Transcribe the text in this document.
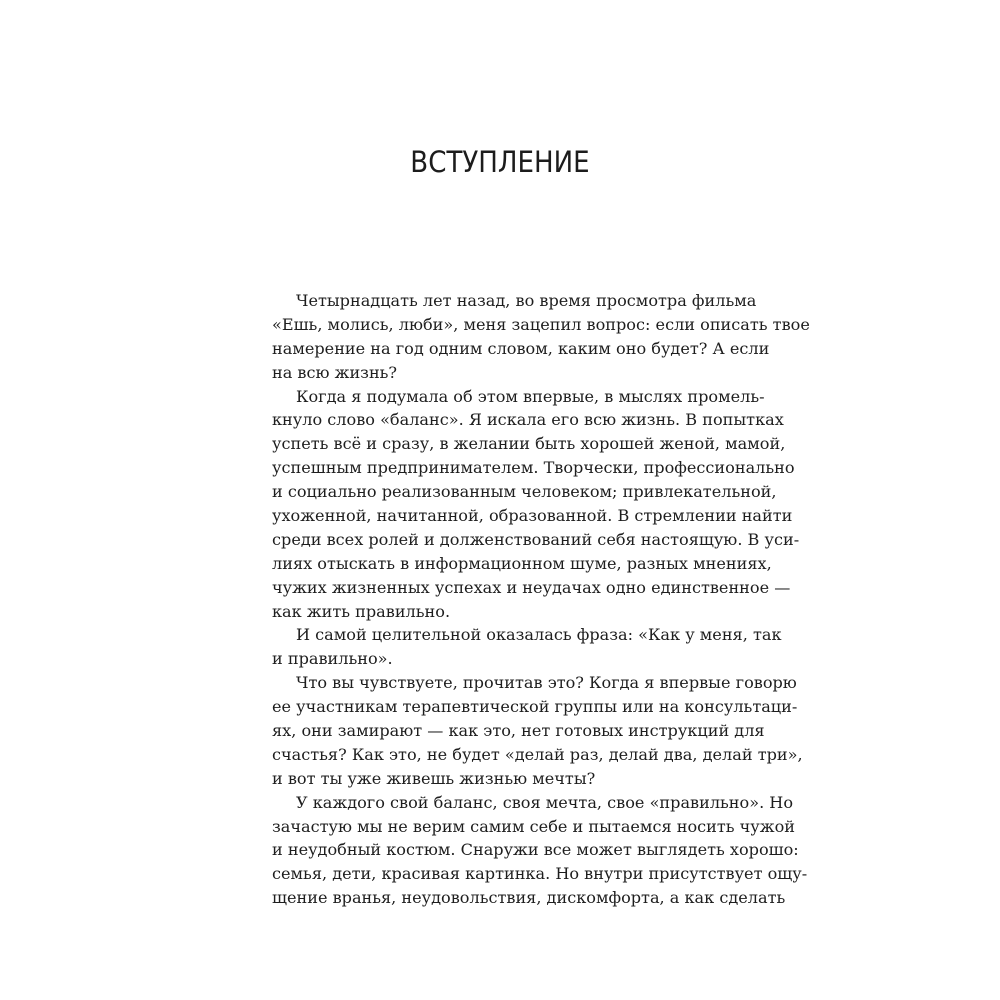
ВСТУПЛЕНИЕ
Четырнадцать лет назад, во время просмотра фильма
«Ешь, молись, люби», меня зацепил вопрос: если описать твое
намерение на год одним словом, каким оно будет? А если
на всю жизнь?
Когда я подумала об этом впервые, в мыслях промель-
кнуло слово «баланс». Я искала его всю жизнь. В попытках
успеть всё и сразу, в желании быть хорошей женой, мамой,
успешным предпринимателем. Творчески, профессионально
и социально реализованным человеком; привлекательной,
ухоженной, начитанной, образованной. В стремлении найти
среди всех ролей и долженствований себя настоящую. В уси-
лиях отыскать в информационном шуме, разных мнениях,
чужих жизненных успехах и неудачах одно единственное —
как жить правильно.
И самой целительной оказалась фраза: «Как у меня, так
и правильно».
Что вы чувствуете, прочитав это? Когда я впервые говорю
ее участникам терапевтической группы или на консультаци-
ях, они замирают — как это, нет готовых инструкций для
счастья? Как это, не будет «делай раз, делай два, делай три»,
и вот ты уже живешь жизнью мечты?
У каждого свой баланс, своя мечта, свое «правильно». Но
зачастую мы не верим самим себе и пытаемся носить чужой
и неудобный костюм. Снаружи все может выглядеть хорошо:
семья, дети, красивая картинка. Но внутри присутствует ощу-
щение вранья, неудовольствия, дискомфорта, а как сделать
